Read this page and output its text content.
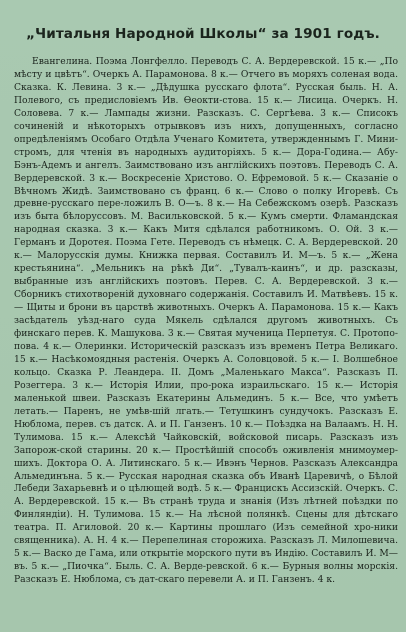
„Читальня Народной Школы“ за 1901 годъ.
Евангелина. Поэма Лонгфелло. Переводъ С. А. Вердеревской. 15 к.— „По мѣсту и цвѣтъ“. Очеркъ А. Парамонова. 8 к.— Отчего въ моряхъ соленая вода. Сказка. К. Левина. 3 к.— „Дѣдушка русскаго флота“. Русская быль. Н. А. Полевого, съ предисловіемъ Ив. Ѳеокти-стова. 15 к.— Лисица. Очеркъ. Н. Соловева. 7 к.— Лампады жизни. Разсказъ. С. Сергѣева. 3 к.— Списокъ сочиненій и нѣкоторыхъ отрывковъ изъ нихъ, допущенныхъ, согласно опредѣленіямъ Особаго Отдѣла Ученаго Комитета, утвержденнымъ Г. Мини-стромъ, для чтенія въ народныхъ аудиторіяхъ. 5 к.— Дора-Година.— Абу-Бэнъ-Адемъ и ангелъ. Заимствовано изъ англійскихъ поэтовъ. Переводъ С. А. Вердеревской. 3 к.— Воскресеніе Христово. О. Ефремовой. 5 к.— Сказаніе о Вѣчномъ Жидѣ. Заимствовано съ франц. 6 к.— Слово о полку Игоревѣ. Съ древне-русскаго пере-ложилъ В. О—ъ. 8 к.— На Себежскомъ озерѣ. Разсказъ изъ быта бѣлоруссовъ. М. Васильковской. 5 к.— Кумъ смерти. Фламандская народная сказка. 3 к.— Какъ Митя сдѣлался работникомъ. О. Ой. 3 к.— Германъ и Доротея. Поэма Гете. Переводъ съ нѣмецк. С. А. Вердеревской. 20 к.— Малорусскія думы. Книжка первая. Составилъ И. М—ъ. 5 к.— „Жена крестьянина“. „Мельникъ на рѣкѣ Ди“. „Тувалъ-каинъ“, и др. разсказы, выбранные изъ англійскихъ поэтовъ. Перев. С. А. Вердеревской. 3 к.— Сборникъ стихотвореній духовнаго содержанія. Составилъ И. Матвѣевъ. 15 к.— Щиты и брони въ царствѣ животныхъ. Очеркъ А. Парамонова. 15 к.— Какъ засѣдатель уѣзд-наго суда Мякель сдѣлался другомъ животныхъ. Съ финскаго перев. К. Машукова. 3 к.— Святая мученица Перпетуя. С. Протопо-пова. 4 к.— Олеринки. Историческій разсказъ изъ временъ Петра Великаго. 15 к.— Насѣкомоядныя растенія. Очеркъ А. Соловцовой. 5 к.— I. Волшебное кольцо. Сказка Р. Леандера. II. Домъ „Маленькаго Макса“. Разсказъ П. Розеггера. 3 к.— Исторія Илии, про-рока израильскаго. 15 к.— Исторія маленькой швеи. Разсказъ Екатерины Альмединъ. 5 к.— Все, что умѣетъ летать.— Паренъ, не умѣв-шій лгать.— Тетушкинъ сундучокъ. Разсказъ Е. Нюблома, перев. съ датск. А. и П. Ганзенъ. 10 к.— Поѣздка на Валаамъ. Н. Н. Тулимова. 15 к.— Алексѣй Чайковскій, войсковой писарь. Разсказъ изъ Запорож-ской старины. 20 к.— Простѣйшій способъ оживленія мнимоумер-шихъ. Доктора О. А. Литинскаго. 5 к.— Ивэнъ Чернов. Разсказъ Александра Альмединъна. 5 к.— Русская народная сказка объ Иванѣ Царевичѣ, о Бѣлой Лебеди Захарьевнѣ и о цѣлющей водѣ. 5 к.— Францискъ Ассизскій. Очеркъ. С. А. Вердеревской. 15 к.— Въ странѣ труда и знанія (Изъ лѣтней поѣздки по Финляндіи). Н. Тулимова. 15 к.— На лѣсной полянкѣ. Сцены для дѣтскаго театра. П. Агиловой. 20 к.— Картины прошлаго (Изъ семейной хро-ники священника). А. Н. 4 к.— Перепелиная сторожиха. Разсказъ Л. Милошевича. 5 к.— Васко де Гама, или открытіе морского пути въ Индію. Составилъ И. М—въ. 5 к.— „Пиочка“. Быль. С. А. Верде-ревской. 6 к.— Бурныя волны морскія. Разсказъ Е. Нюблома, съ дат-скаго перевели А. и П. Ганзенъ. 4 к.
